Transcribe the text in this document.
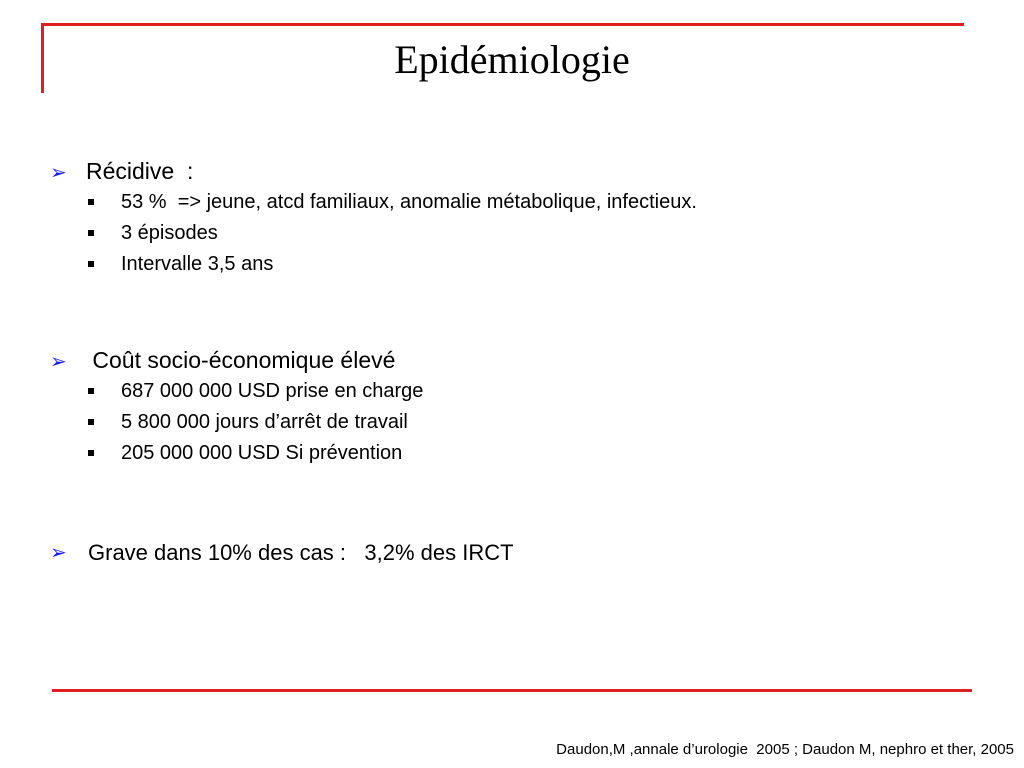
Epidémiologie
➢ Récidive  :
53 %  => jeune, atcd familiaux, anomalie métabolique, infectieux.
3 épisodes
Intervalle 3,5 ans
➢ Coût socio-économique élevé
687 000 000 USD prise en charge
5 800 000 jours d’arrêt de travail
205 000 000 USD Si prévention
➢ Grave dans 10% des cas :   3,2% des IRCT
Daudon,M ,annale d’urologie  2005 ; Daudon M, nephro et ther, 2005
